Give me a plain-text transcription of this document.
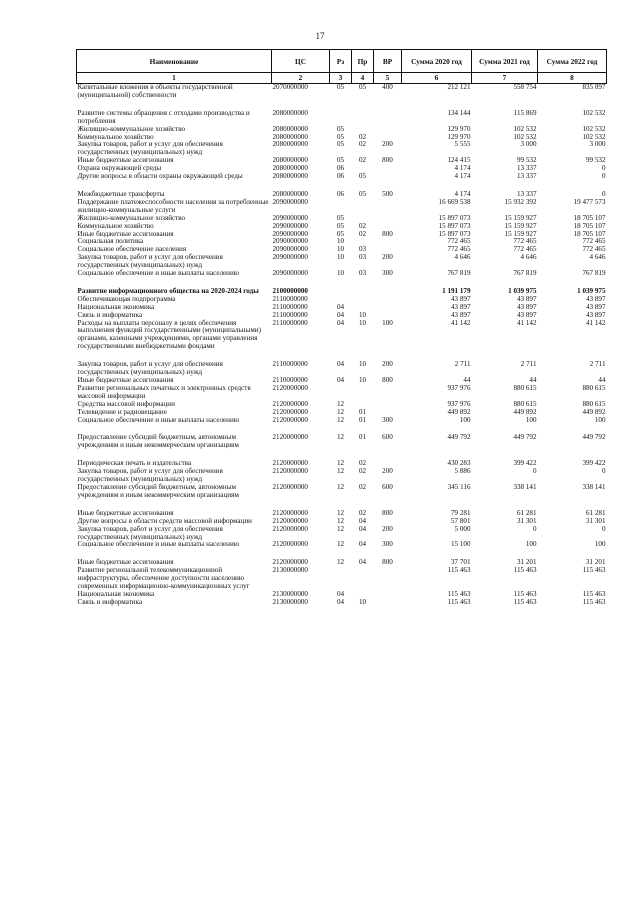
17
Наименование	ЦС	Рз	Пр	ВР	Сумма 2020 год	Сумма 2021 год	Сумма 2022 год
1	2	3	4	5	6	7	8
Капитальные вложения в объекты государственной (муниципальной) собственности	2070000000	05	05	400	212 121	558 754	835 897

Развитие системы обращения с отходами производства и потребления	2080000000				134 144	115 869	102 532
Жилищно-коммунальное хозяйство	2080000000	05			129 970	102 532	102 532
Коммунальное хозяйство	2080000000	05	02		129 970	102 532	102 532
Закупка товаров, работ и услуг для обеспечения государственных (муниципальных) нужд	2080000000	05	02	200	5 555	3 000	3 000
Иные бюджетные ассигнования	2080000000	05	02	800	124 415	99 532	99 532
Охрана окружающей среды	2080000000	06			4 174	13 337	0
Другие вопросы в области охраны окружающей среды	2080000000	06	05		4 174	13 337	0

Межбюджетные трансферты	2080000000	06	05	500	4 174	13 337	0
Поддержание платежеспособности населения за потребленные жилищно-коммунальные услуги	2090000000				16 669 538	15 932 392	19 477 573
Жилищно-коммунальное хозяйство	2090000000	05			15 897 073	15 159 927	18 705 107
Коммунальное хозяйство	2090000000	05	02		15 897 073	15 159 927	18 705 107
Иные бюджетные ассигнования	2090000000	05	02	800	15 897 073	15 159 927	18 705 107
Социальная политика	2090000000	10			772 465	772 465	772 465
Социальное обеспечение населения	2090000000	10	03		772 465	772 465	772 465
Закупка товаров, работ и услуг для обеспечения государственных (муниципальных) нужд	2090000000	10	03	200	4 646	4 646	4 646
Социальное обеспечение и иные выплаты населению	2090000000	10	03	300	767 819	767 819	767 819

Развитие информационного общества на 2020-2024 годы	2100000000				1 191 179	1 039 975	1 039 975
Обеспечивающая подпрограмма	2110000000				43 897	43 897	43 897
Национальная экономика	2110000000	04			43 897	43 897	43 897
Связь и информатика	2110000000	04	10		43 897	43 897	43 897
Расходы на выплаты персоналу в целях обеспечения выполнения функций государственными (муниципальными) органами, казенными учреждениями, органами управления государственными внебюджетными фондами	2110000000	04	10	100	41 142	41 142	41 142

Закупка товаров, работ и услуг для обеспечения государственных (муниципальных) нужд	2110000000	04	10	200	2 711	2 711	2 711
Иные бюджетные ассигнования	2110000000	04	10	800	44	44	44
Развитие региональных печатных и электронных средств массовой информации	2120000000				937 976	880 615	880 615
Средства массовой информации	2120000000	12			937 976	880 615	880 615
Телевидение и радиовещание	2120000000	12	01		449 892	449 892	449 892
Социальное обеспечение и иные выплаты населению	2120000000	12	01	300	100	100	100

Предоставление субсидий бюджетным, автономным учреждениям и иным некоммерческим организациям	2120000000	12	01	600	449 792	449 792	449 792

Периодическая печать и издательства	2120000000	12	02		430 283	399 422	399 422
Закупка товаров, работ и услуг для обеспечения государственных (муниципальных) нужд	2120000000	12	02	200	5 886	0	0
Предоставление субсидий бюджетным, автономным учреждениям и иным некоммерческим организациям	2120000000	12	02	600	345 116	338 141	338 141

Иные бюджетные ассигнования	2120000000	12	02	800	79 281	61 281	61 281
Другие вопросы в области средств массовой информации	2120000000	12	04		57 801	31 301	31 301
Закупка товаров, работ и услуг для обеспечения государственных (муниципальных) нужд	2120000000	12	04	200	5 000	0	0
Социальное обеспечение и иные выплаты населению	2120000000	12	04	300	15 100	100	100

Иные бюджетные ассигнования	2120000000	12	04	800	37 701	31 201	31 201
Развитие региональной телекоммуникационной инфраструктуры, обеспечение доступности населению современных информационно-коммуникационных услуг	2130000000				115 463	115 463	115 463
Национальная экономика	2130000000	04			115 463	115 463	115 463
Связь и информатика	2130000000	04	10		115 463	115 463	115 463
